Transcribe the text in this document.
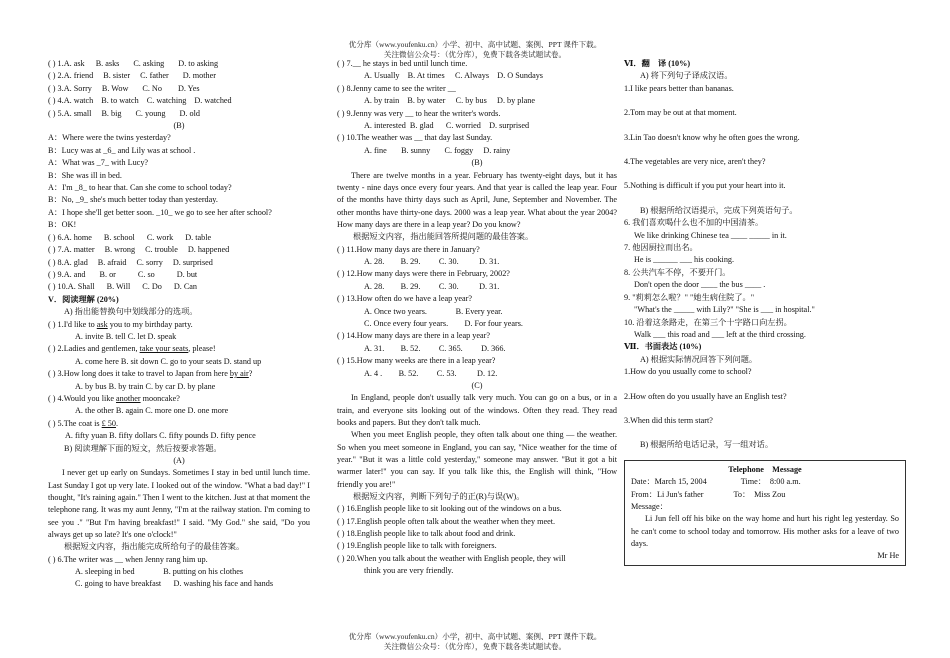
优分库（www.youfenku.cn）小学、初中、高中试题、案例、PPT 课件下载。
关注微信公众号：（优分库），免费下载各类试题试卷。
( ) 1.A. ask B. asks C. asking D. to asking
( ) 2.A. friend B. sister C. father D. mother
( ) 3.A. Sorry B. Wow C. No D. Yes
( ) 4.A. watch B. to watch C. watching D. watched
( ) 5.A. small B. big C. young D. old
(B)
A：Where were the twins yesterday?
B：Lucy was at _6_ and Lily was at school .
A：What was _7_ with Lucy?
B：She was ill in bed.
A：I'm _8_ to hear that. Can she come to school today?
B：No, _9_ she's much better today than yesterday.
A：I hope she'll get better soon. _10_ we go to see her after school?
B：OK!
( ) 6.A. home B. school C. work D. table
( ) 7.A. matter B. wrong C. trouble D. happened
( ) 8.A. glad B. afraid C. sorry D. surprised
( ) 9.A. and B. or	C. so	D. but
( ) 10.A. Shall B. Will C. Do D. Can
V．阅读理解 (20%)
A) 指出能替换句中划线部分的选项。
( ) 1.I'd like to ask you to my birthday party.
A. invite B. tell C. let D. speak
( ) 2.Ladies and gentlemen, take your seats, please!
A. come here B. sit down C. go to your seats D. stand up
( ) 3.How long does it take to travel to Japan from here by air?
A. by bus B. by train C. by car D. by plane
( ) 4.Would you like another mooncake?
A. the other B. again C. more one D. one more
( ) 5.The coat is £ 50.
A. fifty yuan B. fifty dollars C. fifty pounds D. fifty pence
B) 阅读理解下面的短文，然后按要求答题。
(A)
I never get up early on Sundays. Sometimes I stay in bed until lunch time. Last Sunday I got up very late. I looked out of the window. "What a bad day!" I thought, "It's raining again." Then I went to the kitchen. Just at that moment the telephone rang. It was my aunt Jenny, "I'm at the railway station. I'm coming to see you ." "But I'm having breakfast!" I said. "My God." she said, "Do you always get up so late? It's one o'clock!"
根据短文内容，指出能完成所给句子的最佳答案。
( ) 6.The writer was __ when Jenny rang him up.
A. sleeping in bed              B. putting on his clothes
C. going to have breakfast      D. washing his face and hands
( ) 7.__ he stays in bed until lunch time.
A. Usually    B. At times     C. Always    D. O Sundays
( ) 8.Jenny came to see the writer __
A. by train    B. by water     C. by bus     D. by plane
( ) 9.Jenny was very __ to hear the writer's words.
A. interested  B. glad      C. worried    D. surprised
( ) 10.The weather was __ that day last Sunday.
A. fine       B. sunny       C. foggy     D. rainy
(B)
There are twelve months in a year. February has twenty-eight days, but it has twenty - nine days once every four years. And that year is called the leap year. Four of the months have thirty days such as April, June, September and November. The other months have thirty-one days. 2000 was a leap year. What about the year 2004? How many days are there in a leap year? Do you know?
根据短文内容，指出能回答所提问题的最佳答案。
( ) 11.How many days are there in January?
A. 28.        B. 29.         C. 30.          D. 31.
( ) 12.How many days were there in February, 2002?
A. 28.        B. 29.         C. 30.          D. 31.
( ) 13.How often do we have a leap year?
A. Once two years.              B. Every year.
C. Once every four years.        D. For four years.
( ) 14.How many days are there in a leap year?
A. 31.        B. 52.         C. 365.         D. 366.
( ) 15.How many weeks are there in a leap year?
A. 4 .        B. 52.         C. 53.          D. 12.
(C)
In England, people don't usually talk very much. You can go on a bus, or in a train, and everyone sits looking out of the windows. Often they read. They read books and papers. But they don't talk much.
When you meet English people, they often talk about one thing — the weather. So when you meet someone in England, you can say, "Nice weather for the time of year." "But it was a little cold yesterday," someone may answer. "But it got a bit warmer later!" you can say. If you talk like this, the English will think, "How friendly you are!"
根据短文内容，判断下列句子的正(R)与误(W)。
( ) 16.English people like to sit looking out of the windows on a bus.
( ) 17.English people often talk about the weather when they meet.
( ) 18.English people like to talk about food and drink.
( ) 19.English people like to talk with foreigners.
( ) 20.When you talk about the weather with English people, they will
think you are very friendly.
Ⅵ．翻　译 (10%)
A) 将下列句子译成汉语。
1.I like pears better than bananas.
2.Tom may be out at that moment.
3.Lin Tao doesn't know why he often goes the wrong.
4.The vegetables are very nice, aren't they?
5.Nothing is difficult if you put your heart into it.
B) 根据所给汉语提示，完成下列英语句子。
6. 我们喜欢喝什么也不加的中国清茶。
We like drinking Chinese tea ____ _____ in it.
7. 他因厨拉而出名。
He is ______ ___ his cooking.
8. 公共汽车不停，不要开门。
Don't open the door ____ the bus ____ .
9. "莉莉怎么啦？" "她生病住院了。"
"What's the _____ with Lily?" "She is ___ in hospital."
10. 沿着这条路走，在第三个十字路口向左拐。
Walk ___ this road and ___ left at the third crossing.
Ⅶ．书面表达 (10%)
A) 根据实际情况回答下列问题。
1.How do you usually come to school?
2.How often do you usually have an English test?
3.When did this term start?
B) 根据所给电话记录，写一组对话。
Telephone    Message
Date：March 15, 2004	Time： 8:00 a.m.
From：Li Jun's father	To： Miss Zou
Message：
Li Jun fell off his bike on the way home and hurt his right leg yesterday. So he can't come to school today and tomorrow. His mother asks for a leave of two days.
Mr He
优分库（www.youfenku.cn）小学，初中、高中试题、案例、PPT 课件下载。
关注微信公众号：（优分库），免费下载各类试题试卷。
